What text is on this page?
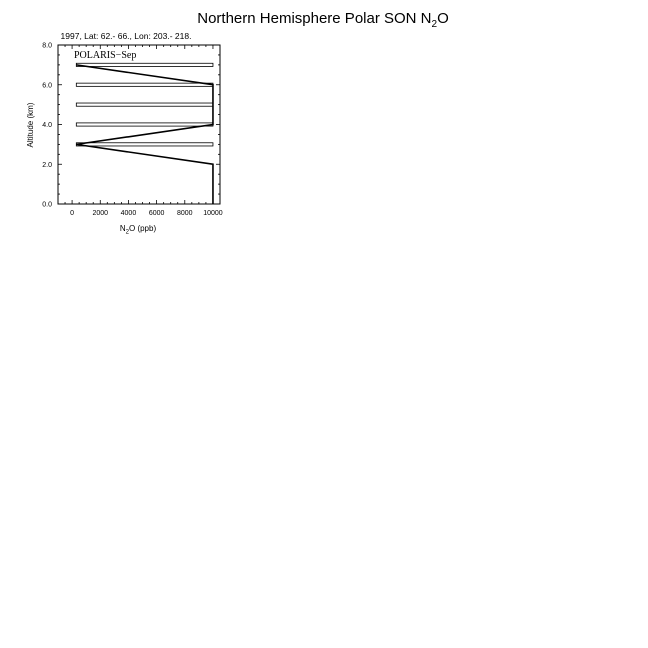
Northern Hemisphere Polar SON $N_2O$
1997, Lat: 62.- 66., Lon: 203.- 218.
0	2000 4000 6000 8000 10000
0.0
2.0
4.0
6.0
8.0
POLARIS−Sep
$N_2O$ (ppb)
Altitude (km)
